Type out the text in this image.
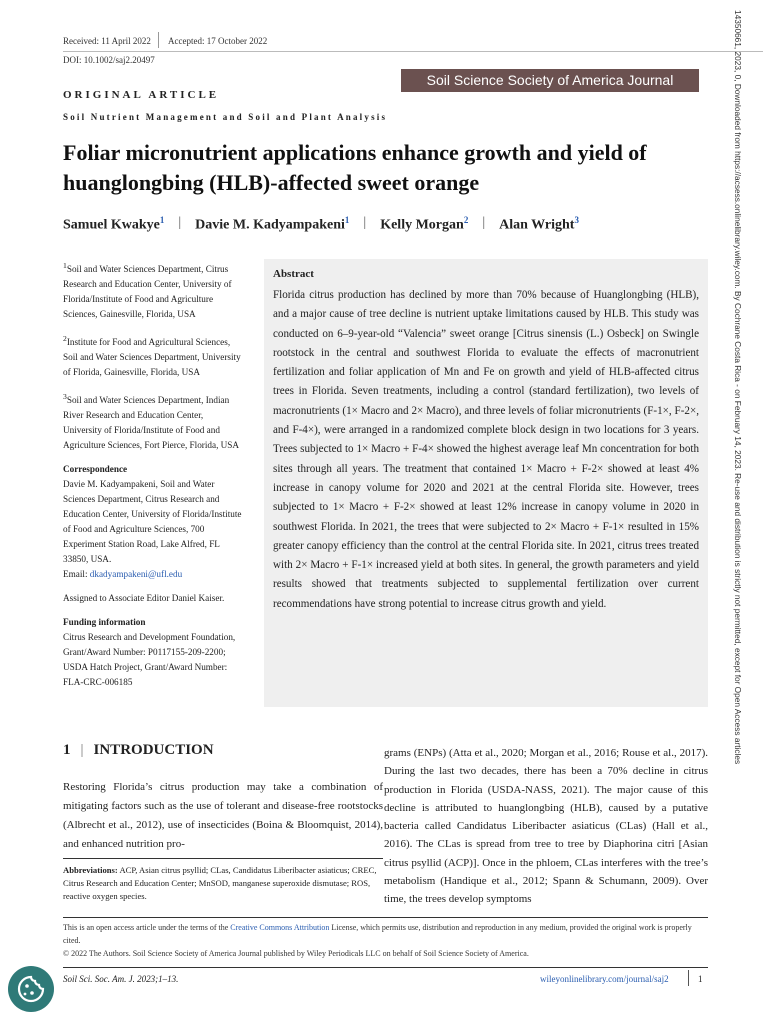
Received: 11 April 2022 Accepted: 17 October 2022
DOI: 10.1002/saj2.20497
Soil Science Society of America Journal
ORIGINAL ARTICLE
Soil Nutrient Management and Soil and Plant Analysis
Foliar micronutrient applications enhance growth and yield of huanglongbing (HLB)-affected sweet orange
Samuel Kwakye$^1$ | Davie M. Kadyampakeni$^1$ | Kelly Morgan$^2$ | Alan Wright$^3$

$^1$Soil and Water Sciences Department, Citrus Research and Education Center, University of Florida/Institute of Food and Agriculture Sciences, Gainesville, Florida, USA

$^2$Institute for Food and Agricultural Sciences, Soil and Water Sciences Department, University of Florida, Gainesville, Florida, USA

$^3$Soil and Water Sciences Department, Indian River Research and Education Center, University of Florida/Institute of Food and Agriculture Sciences, Fort Pierce, Florida, USA

Correspondence

Davie M. Kadyampakeni, Soil and Water Sciences Department, Citrus Research and Education Center, University of Florida/Institute of Food and Agriculture Sciences, 700 Experiment Station Road, Lake Alfred, FL 33850, USA.
Email: dkadyampakeni@ufl.edu

Assigned to Associate Editor Daniel Kaiser.

Funding information

Citrus Research and Development Foundation, Grant/Award Number: P0117155-209-2200; USDA Hatch Project, Grant/Award Number: FLA-CRC-006185

Abstract
Florida citrus production has declined by more than 70% because of Huanglongbing (HLB), and a major cause of tree decline is nutrient uptake limitations caused by HLB. This study was conducted on 6–9-year-old “Valencia” sweet orange [Citrus sinensis (L.) Osbeck] on Swingle rootstock in the central and southwest Florida to evaluate the effects of macronutrient fertilization and foliar application of Mn and Fe on growth and yield of HLB-affected citrus trees in Florida. Seven treatments, including a control (standard fertilization), two levels of macronutrients (1× Macro and 2× Macro), and three levels of foliar micronutrients (F-1×, F-2×, and F-4×), were arranged in a randomized complete block design in two locations for 3 years. Trees subjected to 1× Macro + F-4× showed the highest average leaf Mn concentration for both sites through all years. The treatment that contained 1× Macro + F-2× showed at least 4% increase in canopy volume for 2020 and 2021 at the central Florida site. However, trees subjected to 1× Macro + F-2× showed at least 12% increase in canopy volume in 2020 in southwest Florida. In 2021, the trees that were subjected to 2× Macro + F-1× resulted in 15% greater canopy efficiency than the control at the central Florida site. In 2021, citrus trees treated with 2× Macro + F-1× increased yield at both sites. In general, the growth parameters and yield results showed that treatments subjected to supplemental fertilization over current recommendations have strong potential to increase citrus growth and yield.
1 | INTRODUCTION
Restoring Florida’s citrus production may take a combination of mitigating factors such as the use of tolerant and disease-free rootstocks (Albrecht et al., 2012), use of insecticides (Boina & Bloomquist, 2014), and enhanced nutrition pro-
grams (ENPs) (Atta et al., 2020; Morgan et al., 2016; Rouse et al., 2017). During the last two decades, there has been a 70% decline in citrus production in Florida (USDA-NASS, 2021). The major cause of this decline is attributed to huanglongbing (HLB), caused by a putative bacteria called Candidatus Liberibacter asiaticus (CLas) (Hall et al., 2016). The CLas is spread from tree to tree by Diaphorina citri [Asian citrus psyllid (ACP)]. Once in the phloem, CLas interferes with the tree’s metabolism (Handique et al., 2012; Spann & Schumann, 2009). Over time, the trees develop symptoms
Abbreviations: ACP, Asian citrus psyllid; CLas, Candidatus Liberibacter asiaticus; CREC, Citrus Research and Education Center; MnSOD, manganese superoxide dismutase; ROS, reactive oxygen species.
This is an open access article under the terms of the Creative Commons Attribution License, which permits use, distribution and reproduction in any medium, provided the original work is properly cited.
© 2022 The Authors. Soil Science Society of America Journal published by Wiley Periodicals LLC on behalf of Soil Science Society of America.
Soil Sci. Soc. Am. J. 2023;1–13.	wileyonlinelibrary.com/journal/saj2	1
14350661, 2023, 0, Downloaded from https://acsess.onlinelibrary.wiley.com. By Cochrane Costa Rica - on February 14, 2023. Re-use and distribution is strictly not permitted, except for Open Access articles
